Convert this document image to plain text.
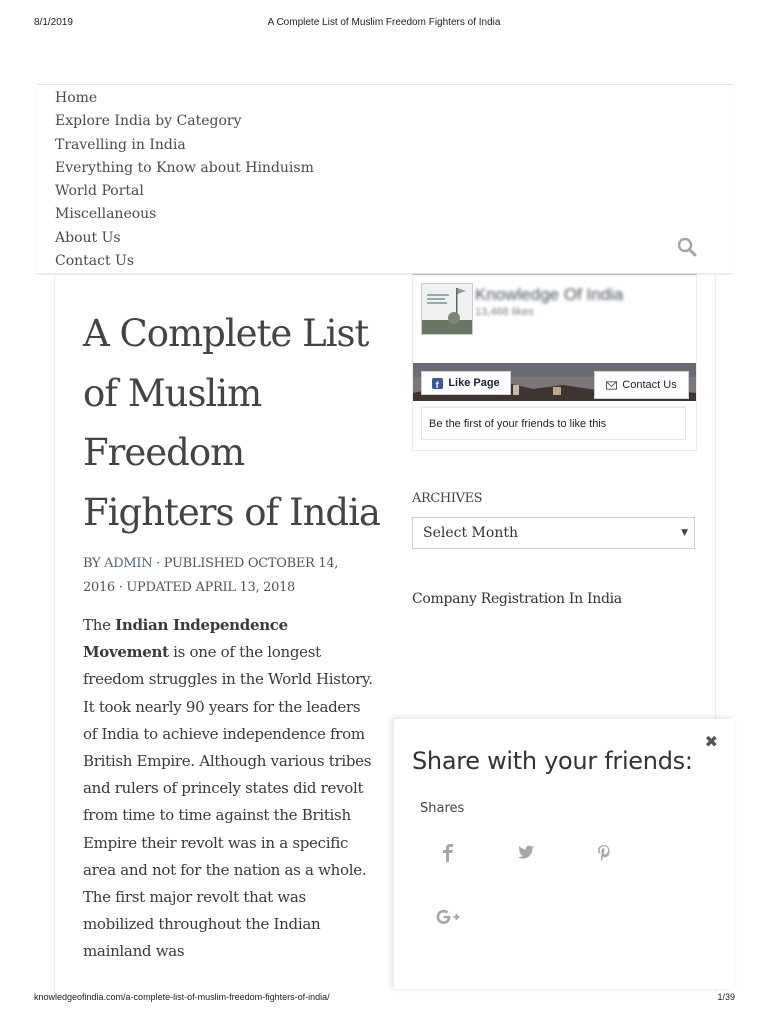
8/1/2019	A Complete List of Muslim Freedom Fighters of India
Home
Explore India by Category
Travelling in India
Everything to Know about Hinduism
World Portal
Miscellaneous
About Us
Contact Us
A Complete List
of Muslim
Freedom
Fighters of India
BY ADMIN · PUBLISHED OCTOBER 14, 2016 · UPDATED APRIL 13, 2018
The Indian Independence Movement is one of the longest freedom struggles in the World History. It took nearly 90 years for the leaders of India to achieve independence from British Empire. Although various tribes and rulers of princely states did revolt from time to time against the British Empire their revolt was in a specific area and not for the nation as a whole. The first major revolt that was mobilized throughout the Indian mainland was
Knowledge Of India
13,468 likes
f Like Page	Contact Us
Be the first of your friends to like this
ARCHIVES
Select Month	▼
Company Registration In India
✖
Share with your friends:
Shares
knowledgeofindia.com/a-complete-list-of-muslim-freedom-fighters-of-india/	1/39
